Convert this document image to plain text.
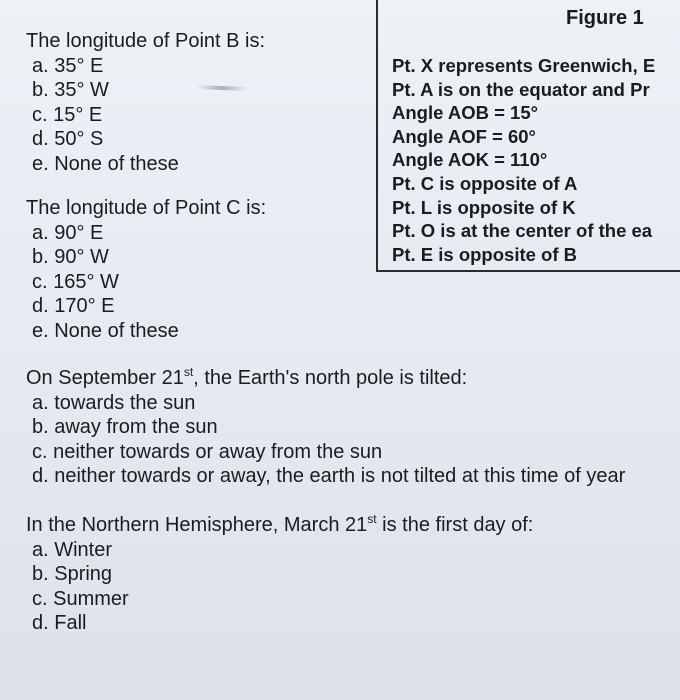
Pt. X represents Greenwich, E
Pt. A is on the equator and Pr
Angle AOB = 15°
Angle AOF = 60°
Angle AOK = 110°
Pt. C is opposite of A
Pt. L is opposite of K
Pt. O is at the center of the ea
Pt. E is opposite of B
Figure 1
The longitude of Point B is:
a. 35° E
b. 35° W
c. 15° E
d. 50° S
e. None of these
The longitude of Point C is:
a. 90° E
b. 90° W
c. 165° W
d. 170° E
e. None of these
On September 21st, the Earth's north pole is tilted:
a. towards the sun
b. away from the sun
c. neither towards or away from the sun
d. neither towards or away, the earth is not tilted at this time of year
In the Northern Hemisphere, March 21st is the first day of:
a. Winter
b. Spring
c. Summer
d. Fall
